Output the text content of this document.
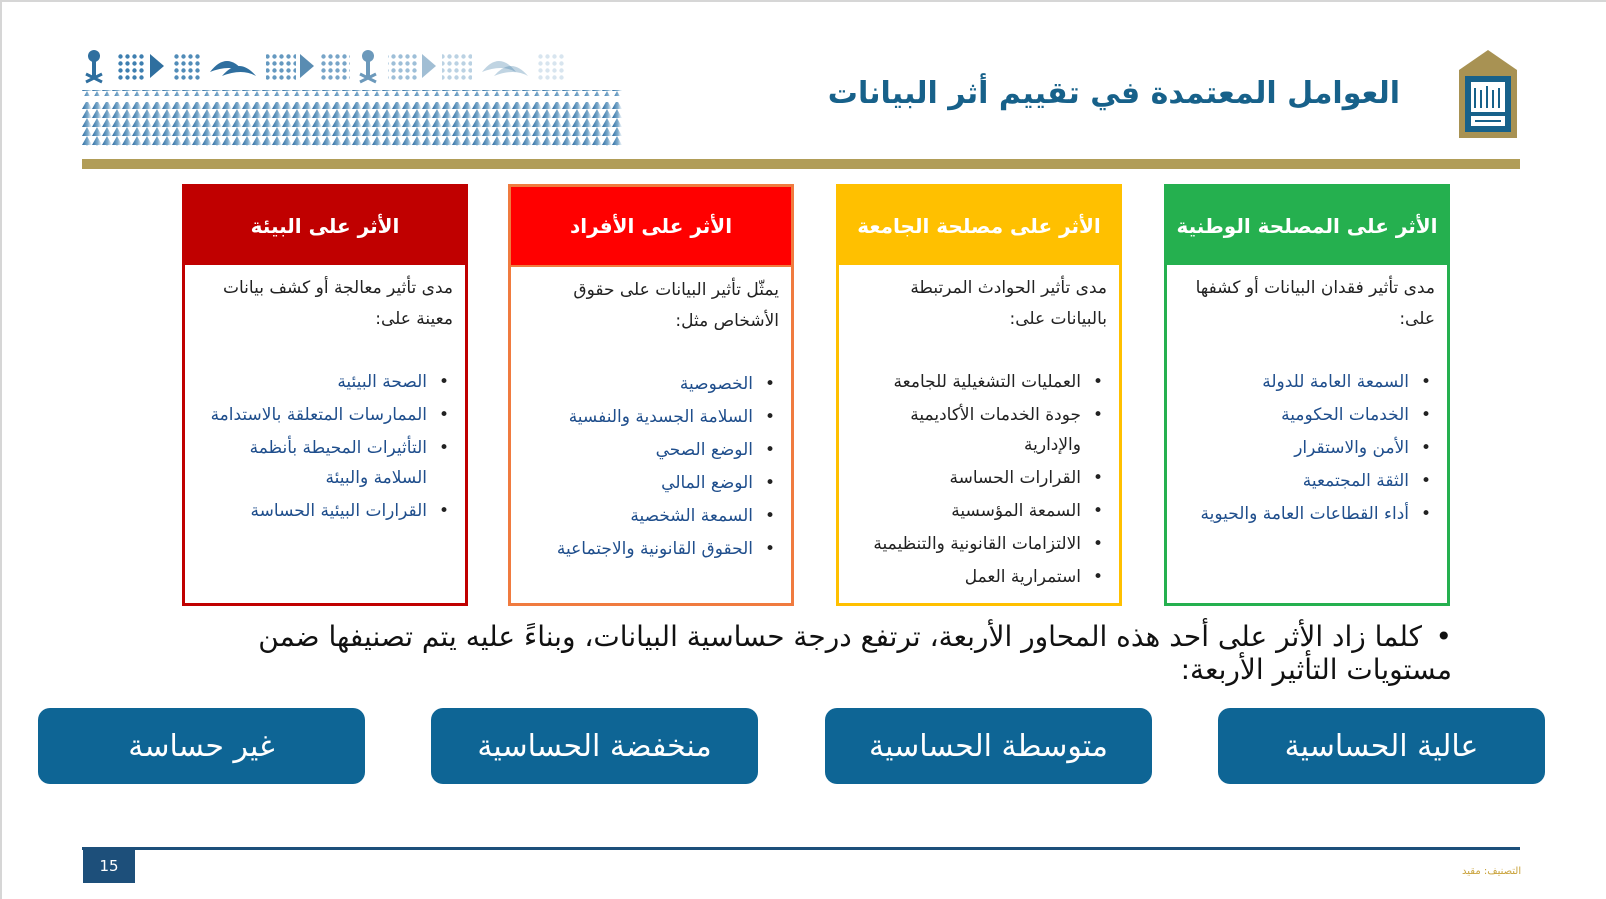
العوامل المعتمدة في تقييم أثر البيانات
الأثر على البيئة
مدى تأثير معالجة أو كشف بيانات معينة على:
•
الصحة البيئية
•
الممارسات المتعلقة بالاستدامة
•
التأثيرات المحيطة بأنظمة السلامة والبيئة
•
القرارات البيئية الحساسة
الأثر على الأفراد
يمثّل تأثير البيانات على حقوق الأشخاص مثل:
•
الخصوصية
•
السلامة الجسدية والنفسية
•
الوضع الصحي
•
الوضع المالي
•
السمعة الشخصية
•
الحقوق القانونية والاجتماعية
الأثر على مصلحة الجامعة
مدى تأثير الحوادث المرتبطة بالبيانات على:
•
العمليات التشغيلية للجامعة
•
جودة الخدمات الأكاديمية والإدارية
•
القرارات الحساسة
•
السمعة المؤسسية
•
الالتزامات القانونية والتنظيمية
•
استمرارية العمل
الأثر على المصلحة الوطنية
مدى تأثير فقدان البيانات أو كشفها على:
•
السمعة العامة للدولة
•
الخدمات الحكومية
•
الأمن والاستقرار
•
الثقة المجتمعية
•
أداء القطاعات العامة والحيوية
•كلما زاد الأثر على أحد هذه المحاور الأربعة، ترتفع درجة حساسية البيانات، وبناءً عليه يتم تصنيفها ضمن مستويات التأثير الأربعة:
عالية الحساسية
متوسطة الحساسية
منخفضة الحساسية
غير حساسة
15	التصنيف: مقيد
